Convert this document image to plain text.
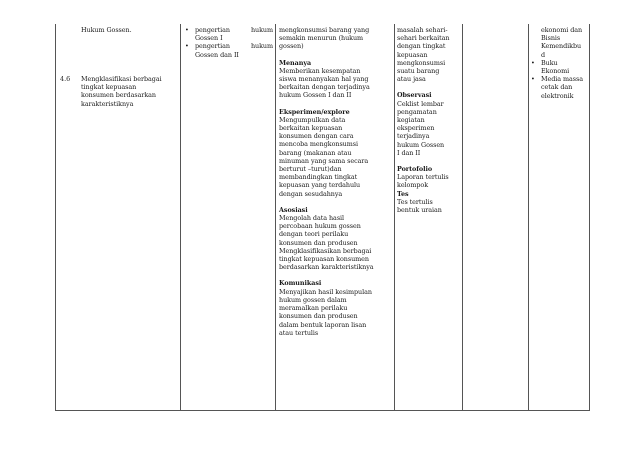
Hukum Gossen.
4.6 Mengklasifikasi berbagai

tingkat kepuasan

konsumen berdasarkan

karakteristiknya

• pengertian hukum

Gossen I

• pengertian hukum

Gossen dan II

mengkonsumsi barang yang

semakin menurun (hukum

gossen)

Menanya

Memberikan kesempatan

siswa menanyakan hal yang

berkaitan dengan terjadinya

hukum Gossen I dan II

Eksperimen/explore

Mengumpulkan data

berkaitan kepuasan

konsumen dengan cara

mencoba mengkonsumsi

barang (makanan atau

minuman yang sama secara

berturut –turut)dan

membandingkan tingkat

kepuasan yang terdahulu

dengan sesudahnya

Asosiasi

Mengolah data hasil

percobaan hukum gossen

dengan teori perilaku

konsumen dan produsen

Mengklasifikasikan berbagai

tingkat kepuasan konsumen

berdasarkan karakteristiknya

Komunikasi

Menyajikan hasil kesimpulan

hukum gossen dalam

meramalkan perilaku

konsumen dan produsen

dalam bentuk laporan lisan

atau tertulis

masalah sehari-

sehari berkaitan

dengan tingkat

kepuasan

mengkonsumsi

suatu barang

atau jasa

Observasi

Ceklist lembar

pengamatan

kegiatan

eksperimen

terjadinya

hukum Gossen

I dan II

Portofolio

Laporan tertulis

kelompok

Tes

Tes tertulis

bentuk uraian

ekonomi dan

Bisnis

Kemendikbu

d

• Buku

Ekonomi

• Media massa

cetak dan

elektronik
